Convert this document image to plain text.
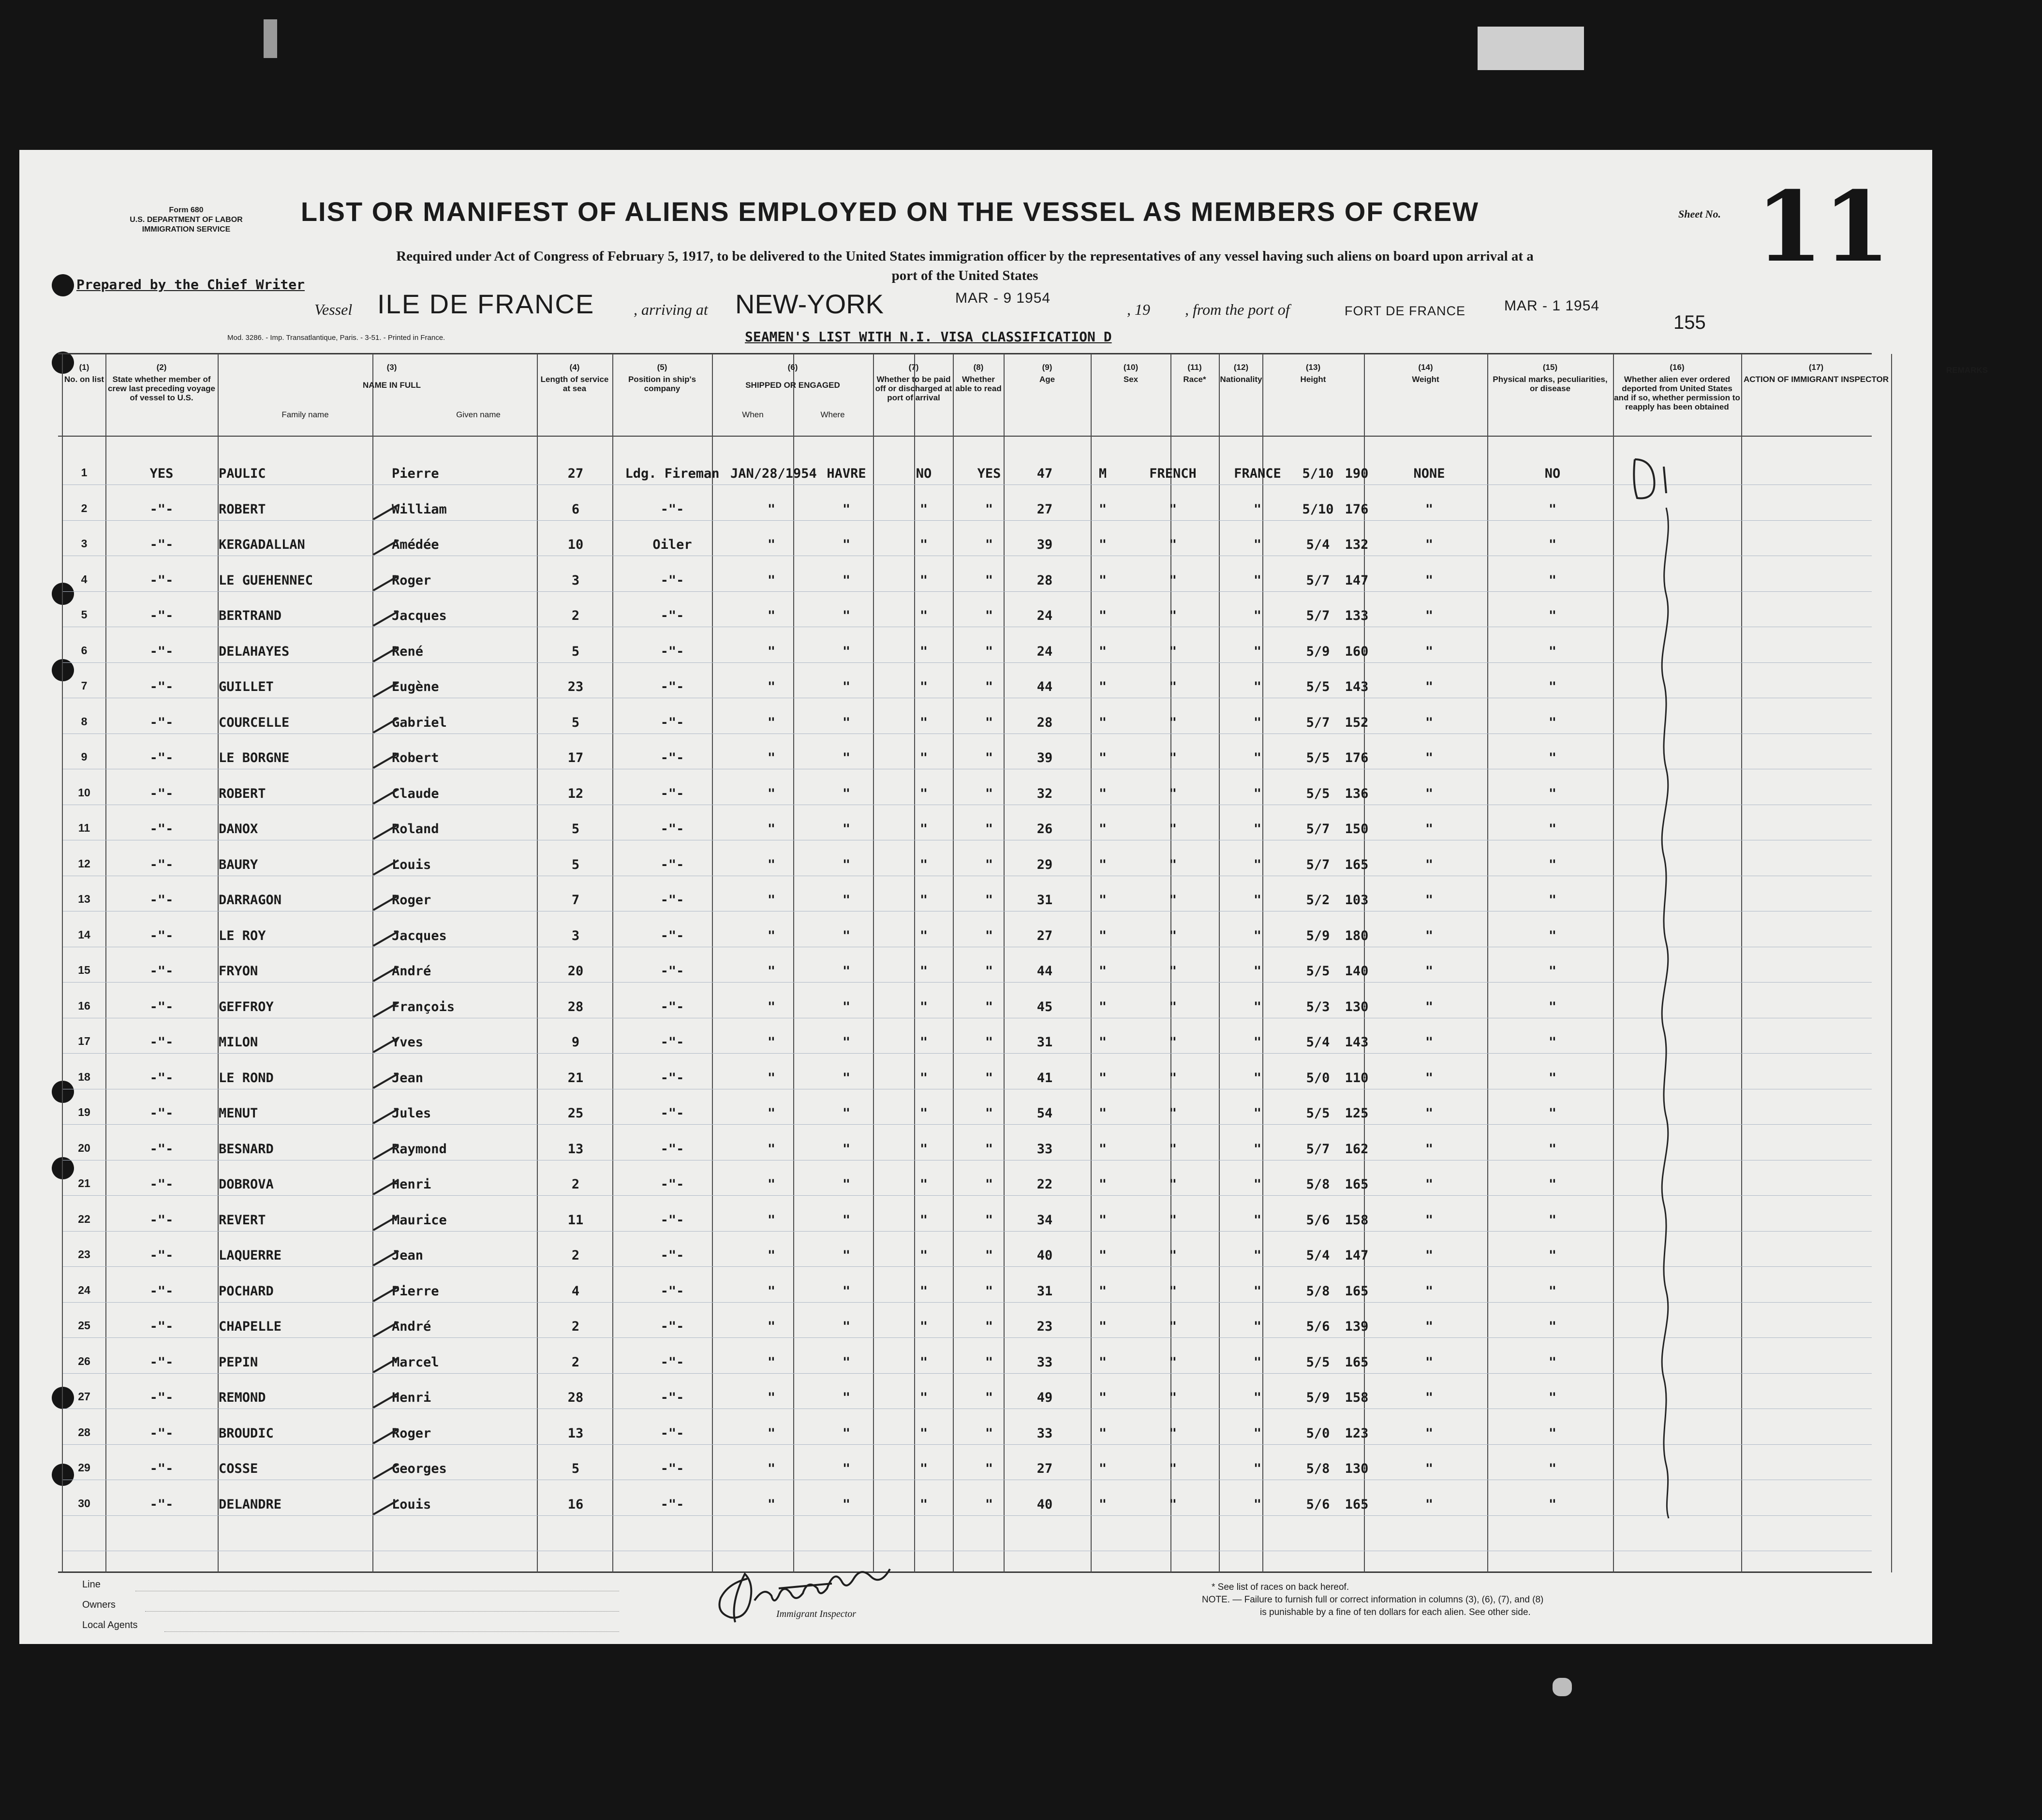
Form 680
U.S. DEPARTMENT OF LABOR
IMMIGRATION SERVICE
LIST OR MANIFEST OF ALIENS EMPLOYED ON THE VESSEL AS MEMBERS OF CREW	Sheet No. 11
Required under Act of Congress of February 5, 1917, to be delivered to the United States immigration officer by the representatives of any vessel having such aliens on board upon arrival at a
port of the United States
Prepared by the Chief Writer
Vessel ILE DE FRANCE	, arriving at NEW-YORK	MAR - 9 1954
, 19 , from the port of	FORT DE FRANCE	MAR - 1 1954
155
Mod. 3286. - Imp. Transatlantique, Paris. - 3-51. - Printed in France.	SEAMEN'S LIST WITH N.I. VISA CLASSIFICATION D
(1)
No. on list
(2)
State whether member of crew last preceding voyage of vessel to U.S.
(3)
NAME IN FULL
Family name	Given name
(4)
Length of service at sea
(5)
Position in ship's company
(6)
SHIPPED OR ENGAGED
When	Where
(7)
Whether to be paid off or discharged at port of arrival
(8)
Whether able to read
(9)
Age
(10)
Sex
(11)
Race*
(12)
Nationality
(13)
Height
(14)
Weight
(15)
Physical marks, peculiarities, or disease
(16)
Whether alien ever ordered deported from United States and if so, whether permission to reapply has been obtained
(17)
ACTION OF IMMIGRANT INSPECTOR
REMARKS
1	YES	PAULIC	Pierre	27	Ldg. Fireman JAN/28/1954 HAVRE	NO	YES	47	M	FRENCH	FRANCE	5/10 190	NONE	NO
2	-"-	ROBERT	William	6	-"-	"	"	"	"	27	"	"	"	5/10 176	"	"
3	-"-	KERGADALLAN	Amédée	10	Oiler	"	"	"	"	39	"	"	"	5/4	132	"	"
4	-"-	LE GUEHENNEC	Roger	3	-"-	"	"	"	"	28	"	"	"	5/7	147	"	"
5	-"-	BERTRAND	Jacques	2	-"-	"	"	"	"	24	"	"	"	5/7	133	"	"
6	-"-	DELAHAYES	René	5	-"-	"	"	"	"	24	"	"	"	5/9	160	"	"
7	-"-	GUILLET	Eugène	23	-"-	"	"	"	"	44	"	"	"	5/5	143	"	"
8	-"-	COURCELLE	Gabriel	5	-"-	"	"	"	"	28	"	"	"	5/7	152	"	"
9	-"-	LE BORGNE	Robert	17	-"-	"	"	"	"	39	"	"	"	5/5	176	"	"
10	-"-	ROBERT	Claude	12	-"-	"	"	"	"	32	"	"	"	5/5	136	"	"
11	-"-	DANOX	Roland	5	-"-	"	"	"	"	26	"	"	"	5/7	150	"	"
12	-"-	BAURY	Louis	5	-"-	"	"	"	"	29	"	"	"	5/7	165	"	"
13	-"-	DARRAGON	Roger	7	-"-	"	"	"	"	31	"	"	"	5/2	103	"	"
14	-"-	LE ROY	Jacques	3	-"-	"	"	"	"	27	"	"	"	5/9	180	"	"
15	-"-	FRYON	André	20	-"-	"	"	"	"	44	"	"	"	5/5	140	"	"
16	-"-	GEFFROY	François	28	-"-	"	"	"	"	45	"	"	"	5/3	130	"	"
17	-"-	MILON	Yves	9	-"-	"	"	"	"	31	"	"	"	5/4	143	"	"
18	-"-	LE ROND	Jean	21	-"-	"	"	"	"	41	"	"	"	5/0	110	"	"
19	-"-	MENUT	Jules	25	-"-	"	"	"	"	54	"	"	"	5/5	125	"	"
20	-"-	BESNARD	Raymond	13	-"-	"	"	"	"	33	"	"	"	5/7	162	"	"
21	-"-	DOBROVA	Henri	2	-"-	"	"	"	"	22	"	"	"	5/8	165	"	"
22	-"-	REVERT	Maurice	11	-"-	"	"	"	"	34	"	"	"	5/6	158	"	"
23	-"-	LAQUERRE	Jean	2	-"-	"	"	"	"	40	"	"	"	5/4	147	"	"
24	-"-	POCHARD	Pierre	4	-"-	"	"	"	"	31	"	"	"	5/8	165	"	"
25	-"-	CHAPELLE	André	2	-"-	"	"	"	"	23	"	"	"	5/6	139	"	"
26	-"-	PEPIN	Marcel	2	-"-	"	"	"	"	33	"	"	"	5/5	165	"	"
27	-"-	REMOND	Henri	28	-"-	"	"	"	"	49	"	"	"	5/9	158	"	"
28	-"-	BROUDIC	Roger	13	-"-	"	"	"	"	33	"	"	"	5/0	123	"	"
29	-"-	COSSE	Georges	5	-"-	"	"	"	"	27	"	"	"	5/8	130	"	"
30	-"-	DELANDRE	Louis	16	-"-	"	"	"	"	40	"	"	"	5/6	165	"	"
Line
Owners
Local Agents
Immigrant Inspector
* See list of races on back hereof.
NOTE. — Failure to furnish full or correct information in columns (3), (6), (7), and (8)
is punishable by a fine of ten dollars for each alien. See other side.
